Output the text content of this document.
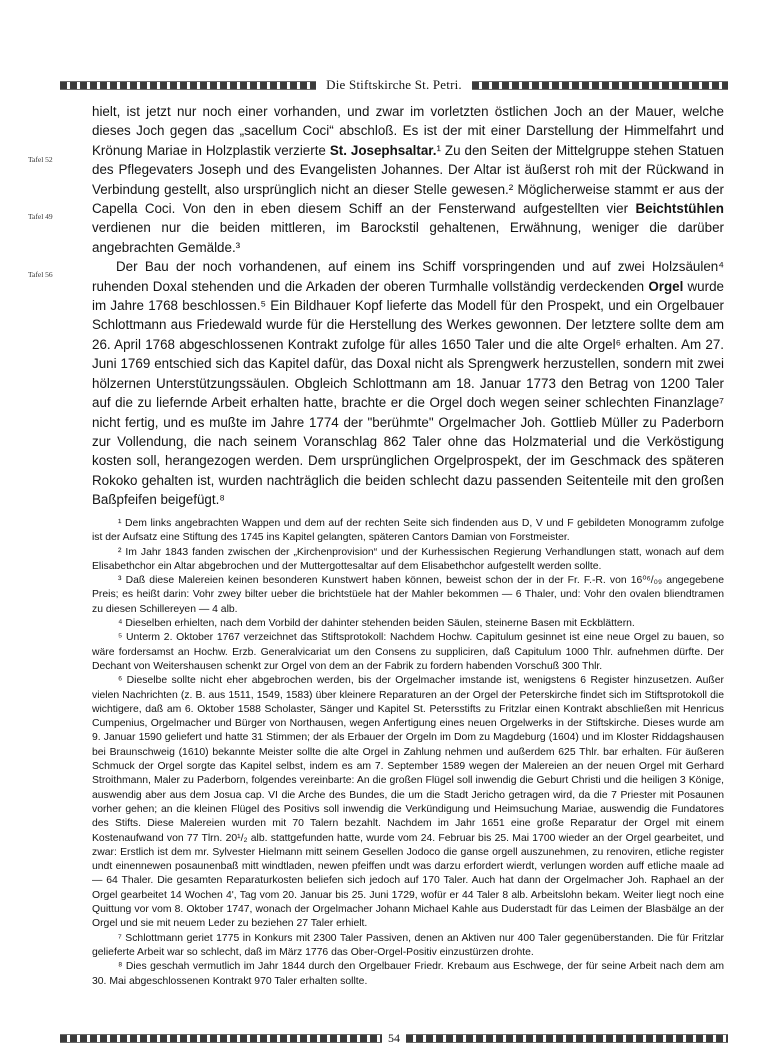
Die Stiftskirche St. Petri.
Tafel 52
Tafel 49
Tafel 56

hielt, ist jetzt nur noch einer vorhanden, und zwar im vorletzten östlichen Joch an der Mauer, welche dieses Joch gegen das „sacellum Coci“ abschloß. Es ist der mit einer Darstellung der Himmelfahrt und Krönung Mariae in Holzplastik verzierte St. Josephsaltar.¹ Zu den Seiten der Mittelgruppe stehen Statuen des Pflegevaters Joseph und des Evangelisten Johannes. Der Altar ist äußerst roh mit der Rückwand in Verbindung gestellt, also ursprünglich nicht an dieser Stelle gewesen.² Möglicherweise stammt er aus der Capella Coci. Von den in eben diesem Schiff an der Fensterwand aufgestellten vier Beichtstühlen verdienen nur die beiden mittleren, im Barockstil gehaltenen, Erwähnung, weniger die darüber angebrachten Gemälde.³

Der Bau der noch vorhandenen, auf einem ins Schiff vorspringenden und auf zwei Holzsäulen⁴ ruhenden Doxal stehenden und die Arkaden der oberen Turmhalle vollständig verdeckenden Orgel wurde im Jahre 1768 beschlossen.⁵ Ein Bildhauer Kopf lieferte das Modell für den Prospekt, und ein Orgelbauer Schlottmann aus Friedewald wurde für die Herstellung des Werkes gewonnen. Der letztere sollte dem am 26. April 1768 abgeschlossenen Kontrakt zufolge für alles 1650 Taler und die alte Orgel⁶ erhalten. Am 27. Juni 1769 entschied sich das Kapitel dafür, das Doxal nicht als Sprengwerk herzustellen, sondern mit zwei hölzernen Unterstützungssäulen. Obgleich Schlottmann am 18. Januar 1773 den Betrag von 1200 Taler auf die zu liefernde Arbeit erhalten hatte, brachte er die Orgel doch wegen seiner schlechten Finanzlage⁷ nicht fertig, und es mußte im Jahre 1774 der "berühmte" Orgelmacher Joh. Gottlieb Müller zu Paderborn zur Vollendung, die nach seinem Voranschlag 862 Taler ohne das Holzmaterial und die Verköstigung kosten soll, herangezogen werden. Dem ursprünglichen Orgelprospekt, der im Geschmack des späteren Rokoko gehalten ist, wurden nachträglich die beiden schlecht dazu passenden Seitenteile mit den großen Baßpfeifen beigefügt.⁸

¹ Dem links angebrachten Wappen und dem auf der rechten Seite sich findenden aus D, V und F gebildeten Monogramm zufolge ist der Aufsatz eine Stiftung des 1745 ins Kapitel gelangten, späteren Cantors Damian von Forstmeister.

² Im Jahr 1843 fanden zwischen der „Kirchenprovision“ und der Kurhessischen Regierung Verhandlungen statt, wonach auf dem Elisabethchor ein Altar abgebrochen und der Muttergottesaltar auf dem Elisabethchor aufgestellt werden sollte.

³ Daß diese Malereien keinen besonderen Kunstwert haben können, beweist schon der in der Fr. F.-R. von 16⁰⁶/₀₉ angegebene Preis; es heißt darin: Vohr zwey bilter ueber die brichtstüele hat der Mahler bekommen — 6 Thaler, und: Vohr den ovalen bliendtramen zu diesen Schillereyen — 4 alb.

⁴ Dieselben erhielten, nach dem Vorbild der dahinter stehenden beiden Säulen, steinerne Basen mit Eckblättern.

⁵ Unterm 2. Oktober 1767 verzeichnet das Stiftsprotokoll: Nachdem Hochw. Capitulum gesinnet ist eine neue Orgel zu bauen, so wäre fordersamst an Hochw. Erzb. Generalvicariat um den Consens zu suppliciren, daß Capitulum 1000 Thlr. aufnehmen dürfte. Der Dechant von Weitershausen schenkt zur Orgel von dem an der Fabrik zu fordern habenden Vorschuß 300 Thlr.

⁶ Dieselbe sollte nicht eher abgebrochen werden, bis der Orgelmacher imstande ist, wenigstens 6 Register hinzusetzen. Außer vielen Nachrichten (z. B. aus 1511, 1549, 1583) über kleinere Reparaturen an der Orgel der Peterskirche findet sich im Stiftsprotokoll die wichtigere, daß am 6. Oktober 1588 Scholaster, Sänger und Kapitel St. Petersstifts zu Fritzlar einen Kontrakt abschließen mit Henricus Cumpenius, Orgelmacher und Bürger von Northausen, wegen Anfertigung eines neuen Orgelwerks in der Stiftskirche. Dieses wurde am 9. Januar 1590 geliefert und hatte 31 Stimmen; der als Erbauer der Orgeln im Dom zu Magdeburg (1604) und im Kloster Riddagshausen bei Braunschweig (1610) bekannte Meister sollte die alte Orgel in Zahlung nehmen und außerdem 625 Thlr. bar erhalten. Für äußeren Schmuck der Orgel sorgte das Kapitel selbst, indem es am 7. September 1589 wegen der Malereien an der neuen Orgel mit Gerhard Stroithmann, Maler zu Paderborn, folgendes vereinbarte: An die großen Flügel soll inwendig die Geburt Christi und die heiligen 3 Könige, auswendig aber aus dem Josua cap. VI die Arche des Bundes, die um die Stadt Jericho getragen wird, da die 7 Priester mit Posaunen vorher gehen; an die kleinen Flügel des Positivs soll inwendig die Verkündigung und Heimsuchung Mariae, auswendig die Fundatores des Stifts. Diese Malereien wurden mit 70 Talern bezahlt. Nachdem im Jahr 1651 eine große Reparatur der Orgel mit einem Kostenaufwand von 77 Tlrn. 20¹/₂ alb. stattgefunden hatte, wurde vom 24. Februar bis 25. Mai 1700 wieder an der Orgel gearbeitet, und zwar: Erstlich ist dem mr. Sylvester Hielmann mitt seinem Gesellen Jodoco die ganse orgell auszunehmen, zu renoviren, etliche register undt einennewen posaunenbaß mitt windtladen, newen pfeiffen undt was darzu erfordert wierdt, verlungen worden auff etliche maale ad — 64 Thaler. Die gesamten Reparaturkosten beliefen sich jedoch auf 170 Taler. Auch hat dann der Orgelmacher Joh. Raphael an der Orgel gearbeitet 14 Wochen 4', Tag vom 20. Januar bis 25. Juni 1729, wofür er 44 Taler 8 alb. Arbeitslohn bekam. Weiter liegt noch eine Quittung vor vom 8. Oktober 1747, wonach der Orgelmacher Johann Michael Kahle aus Duderstadt für das Leimen der Blasbälge an der Orgel und sie mit neuem Leder zu beziehen 27 Taler erhielt.

⁷ Schlottmann geriet 1775 in Konkurs mit 2300 Taler Passiven, denen an Aktiven nur 400 Taler gegenüberstanden. Die für Fritzlar gelieferte Arbeit war so schlecht, daß im März 1776 das Ober-Orgel-Positiv einzustürzen drohte.

⁸ Dies geschah vermutlich im Jahr 1844 durch den Orgelbauer Friedr. Krebaum aus Eschwege, der für seine Arbeit nach dem am 30. Mai abgeschlossenen Kontrakt 970 Taler erhalten sollte.

54
